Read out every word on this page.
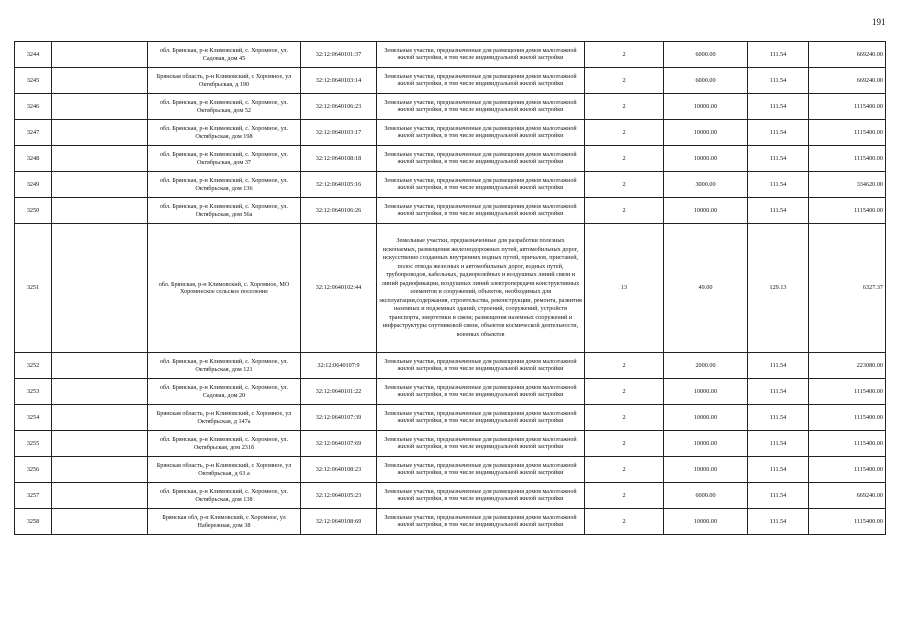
191
3244		обл. Брянская, р-н Климовский, с. Хоромное, ул. Садовая, дом 45	32:12:0640101:37	Земельные участки, предназначенные для размещения домов малоэтажной жилой застройки, в том числе индивидуальной жилой застройки	2	6000.00	111.54	669240.00
3245		Брянская область, р-н Климовский, с Хоромное, ул Октябрьская, д 190	32:12:0640103:14	Земельные участки, предназначенные для размещения домов малоэтажной жилой застройки, в том числе индивидуальной жилой застройки	2	6000.00	111.54	669240.00
3246		обл. Брянская, р-н Климовский, с. Хоромное, ул. Октябрьская, дом 52	32:12:0640106:23	Земельные участки, предназначенные для размещения домов малоэтажной жилой застройки, в том числе индивидуальной жилой застройки	2	10000.00	111.54	1115400.00
3247		обл. Брянская, р-н Климовский, с. Хоромное, ул. Октябрьская, дом 198	32:12:0640103:17	Земельные участки, предназначенные для размещения домов малоэтажной жилой застройки, в том числе индивидуальной жилой застройки	2	10000.00	111.54	1115400.00
3248		обл. Брянская, р-н Климовский, с. Хоромное, ул. Октябрьская, дом 37	32:12:0640108:18	Земельные участки, предназначенные для размещения домов малоэтажной жилой застройки, в том числе индивидуальной жилой застройки	2	10000.00	111.54	1115400.00
3249		обл. Брянская, р-н Климовский, с. Хоромное, ул. Октябрьская, дом 136	32:12:0640105:16	Земельные участки, предназначенные для размещения домов малоэтажной жилой застройки, в том числе индивидуальной жилой застройки	2	3000.00	111.54	334620.00
3250		обл. Брянская, р-н Климовский, с. Хоромное, ул. Октябрьская, дом 56а	32:12:0640106:26	Земельные участки, предназначенные для размещения домов малоэтажной жилой застройки, в том числе индивидуальной жилой застройки	2	10000.00	111.54	1115400.00
3251		обл. Брянская, р-н Климовский, с. Хоромное, МО Хоромнеское сельское поселение	32:12:0640102:44	Земельные участки, предназначенные для разработки полезных ископаемых, размещения железнодорожных путей, автомобильных дорог, искусственно созданных внутренних водных путей, причалов, пристаней, полос отвода железных и автомобильных дорог, водных путей, трубопроводов, кабельных, радиорелейных и воздушных линий связи и линий радиофикации, воздушных линий электропередачи конструктивных элементов и сооружений, объектов, необходимых для эксплуатации,содержания, строительства, реконструкции, ремонта, развития наземных и подземных зданий, строений, сооружений, устройств транспорта, энергетики и связи; размещения наземных сооружений и инфраструктуры спутниковой связи, объектов космической деятельности, военных объектов	13	49.00	129.13	6327.37
3252		обл. Брянская, р-н Климовский, с. Хоромное, ул. Октябрьская, дом 121	32:12:0640107:9	Земельные участки, предназначенные для размещения домов малоэтажной жилой застройки, в том числе индивидуальной жилой застройки	2	2000.00	111.54	223080.00
3253		обл. Брянская, р-н Климовский, с. Хоромное, ул. Садовая, дом 20	32:12:0640101:22	Земельные участки, предназначенные для размещения домов малоэтажной жилой застройки, в том числе индивидуальной жилой застройки	2	10000.00	111.54	1115400.00
3254		Брянская область, р-н Климовский, с Хоромное, ул Октябрьская, д 147а	32:12:0640107:39	Земельные участки, предназначенные для размещения домов малоэтажной жилой застройки, в том числе индивидуальной жилой застройки	2	10000.00	111.54	1115400.00
3255		обл. Брянская, р-н Климовский, с. Хоромное, ул. Октябрьская, дом 231б	32:12:0640107:69	Земельные участки, предназначенные для размещения домов малоэтажной жилой застройки, в том числе индивидуальной жилой застройки	2	10000.00	111.54	1115400.00
3256		Брянская область, р-н Климовский, с Хоромное, ул Октябрьская, д 63 а	32:12:0640108:23	Земельные участки, предназначенные для размещения домов малоэтажной жилой застройки, в том числе индивидуальной жилой застройки	2	10000.00	111.54	1115400.00
3257		обл. Брянская, р-н Климовский, с. Хоромное, ул. Октябрьская, дом 138	32:12:0640105:23	Земельные участки, предназначенные для размещения домов малоэтажной жилой застройки, в том числе индивидуальной жилой застройки	2	6000.00	111.54	669240.00
3258		Брянская обл, р-н Климовский, с Хоромное, ул Набережная, дом 38	32:12:0640108:69	Земельные участки, предназначенные для размещения домов малоэтажной жилой застройки, в том числе индивидуальной жилой застройки	2	10000.00	111.54	1115400.00
